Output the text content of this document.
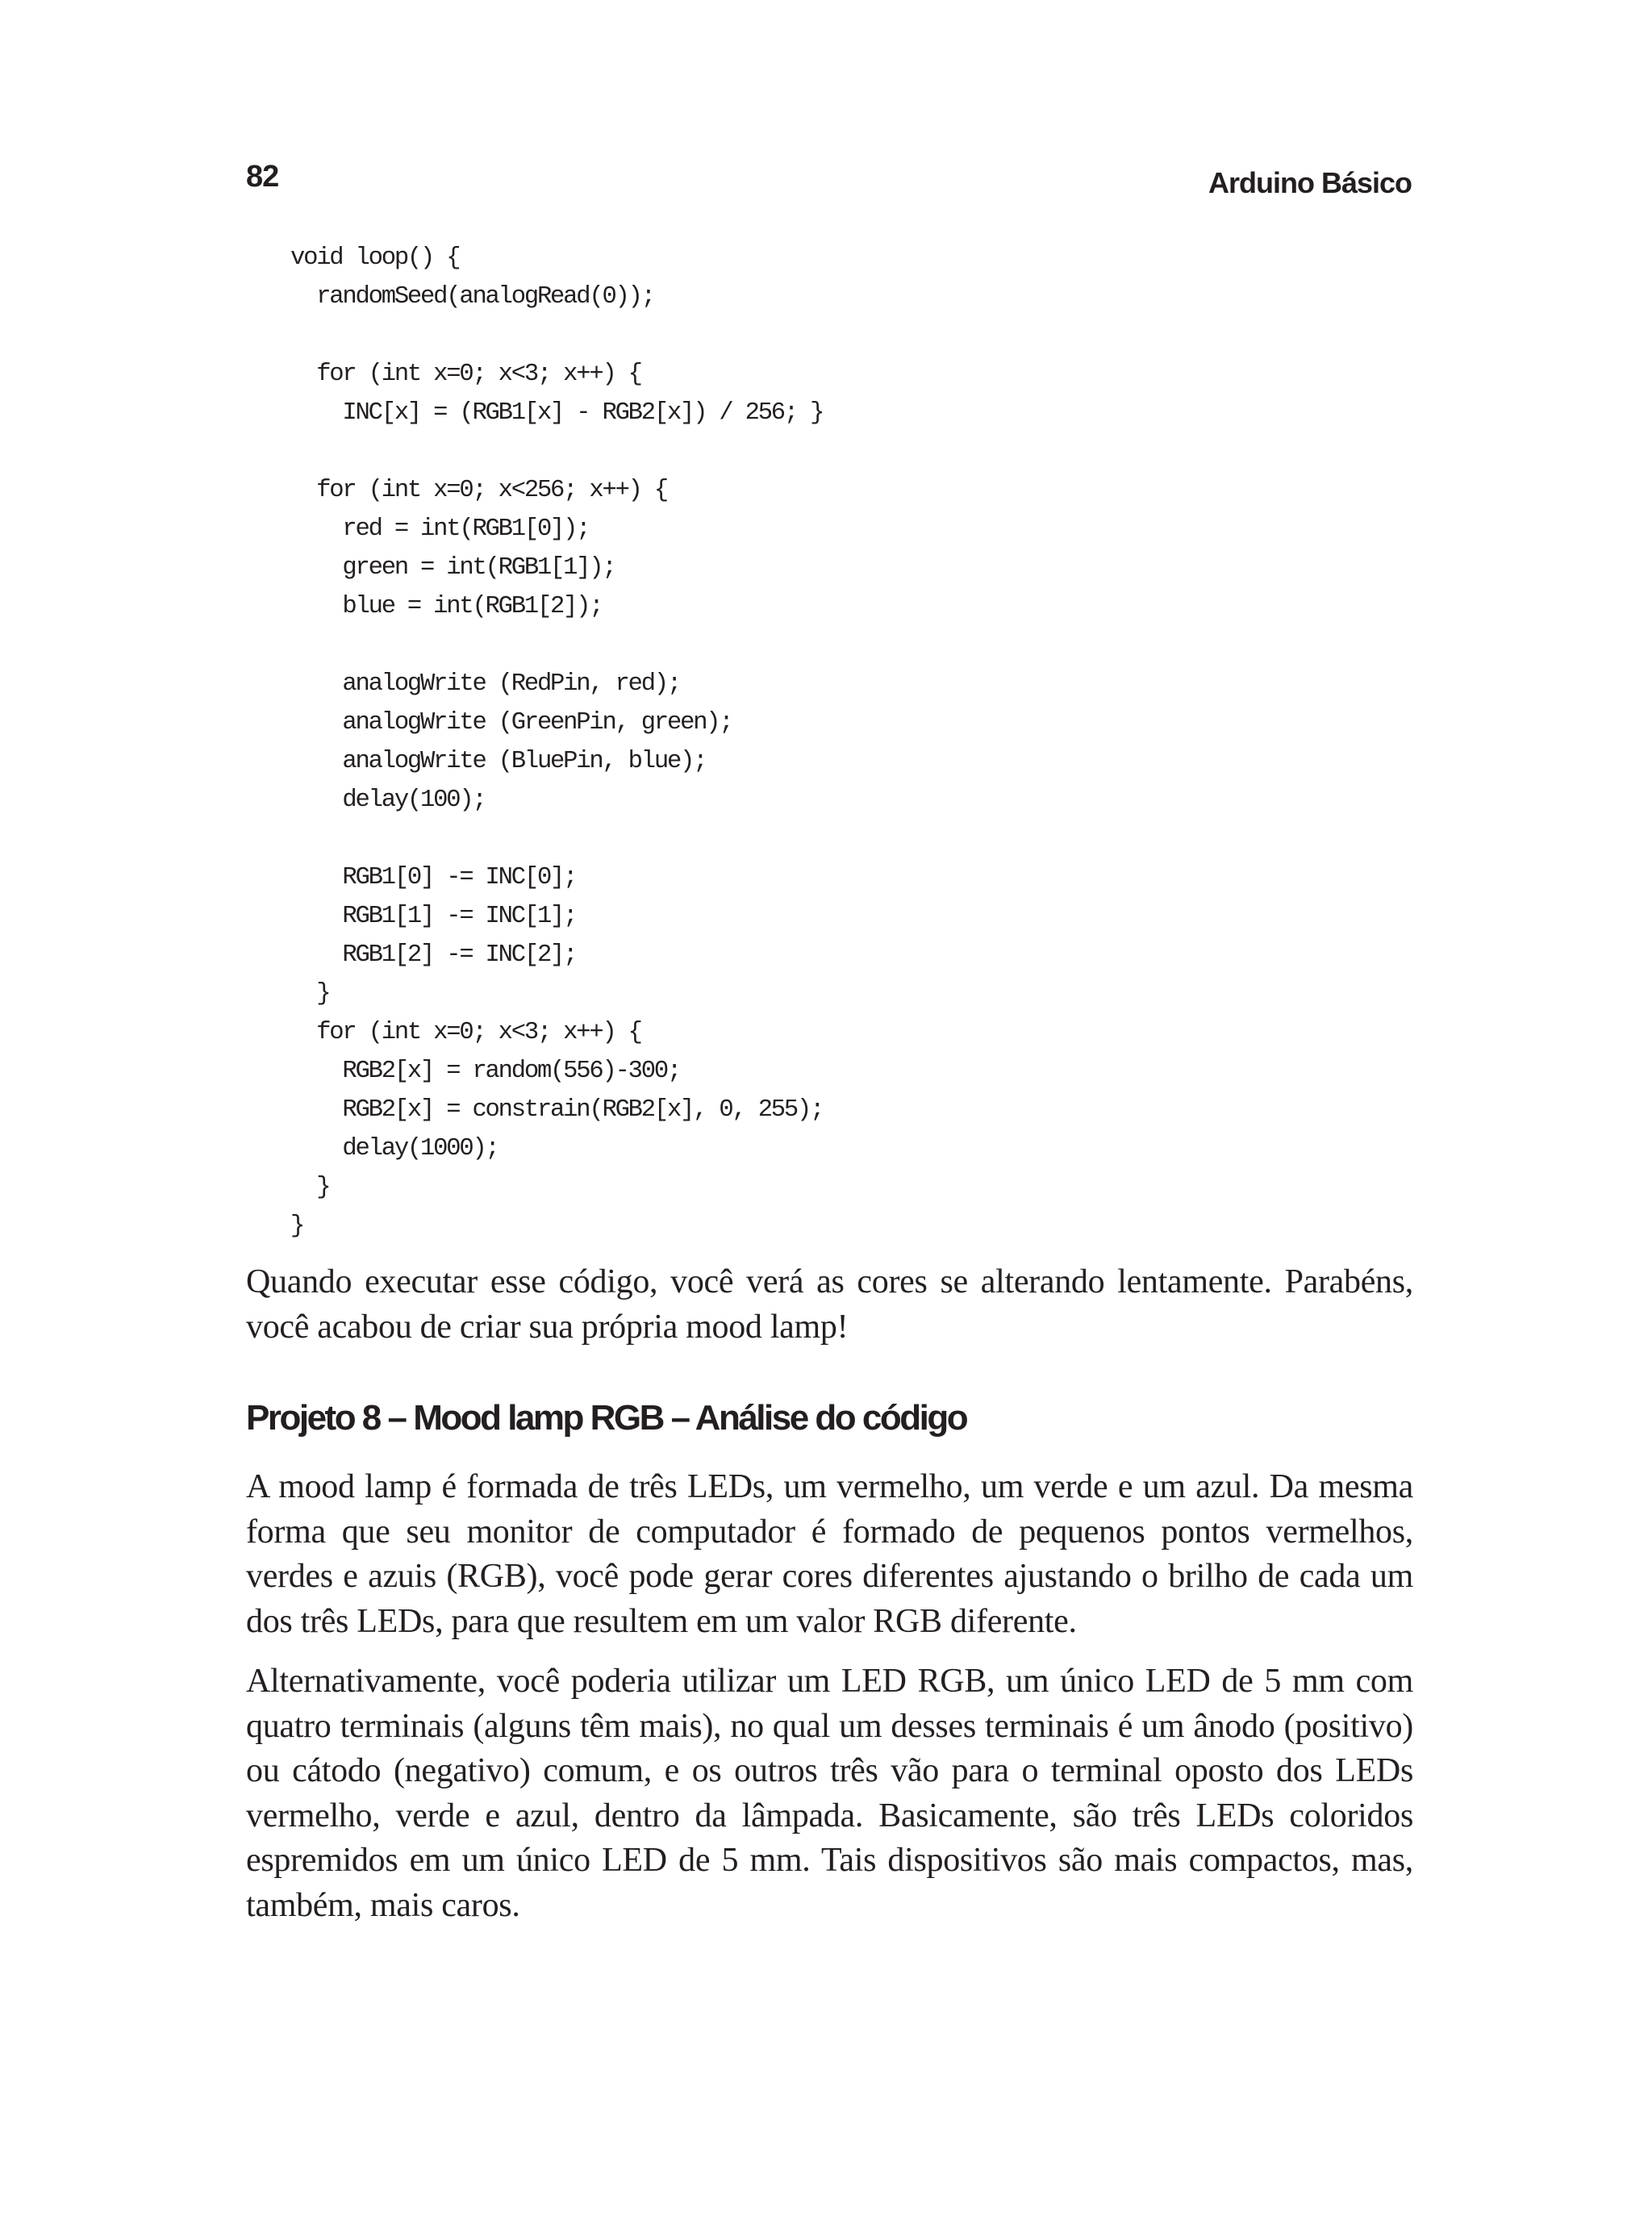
82	Arduino Básico
void loop() {
randomSeed(analogRead(0));
for (int x=0; x<3; x++) {
INC[x] = (RGB1[x] - RGB2[x]) / 256; }
for (int x=0; x<256; x++) {
red = int(RGB1[0]);
green = int(RGB1[1]);
blue = int(RGB1[2]);
analogWrite (RedPin, red);
analogWrite (GreenPin, green);
analogWrite (BluePin, blue);
delay(100);
RGB1[0] -= INC[0];
RGB1[1] -= INC[1];
RGB1[2] -= INC[2];
}
for (int x=0; x<3; x++) {
RGB2[x] = random(556)-300;
RGB2[x] = constrain(RGB2[x], 0, 255);
delay(1000);
}
}

Quando executar esse código, você verá as cores se alterando lentamente. Parabéns, você acabou de criar sua própria mood lamp!

Projeto 8 – Mood lamp RGB – Análise do código

A mood lamp é formada de três LEDs, um vermelho, um verde e um azul. Da mesma forma que seu monitor de computador é formado de pequenos pontos vermelhos, verdes e azuis (RGB), você pode gerar cores diferentes ajustando o brilho de cada um dos três LEDs, para que resultem em um valor RGB diferente.

Alternativamente, você poderia utilizar um LED RGB, um único LED de 5 mm com quatro terminais (alguns têm mais), no qual um desses terminais é um ânodo (positivo) ou cátodo (negativo) comum, e os outros três vão para o terminal oposto dos LEDs vermelho, verde e azul, dentro da lâmpada. Basicamente, são três LEDs coloridos espremidos em um único LED de 5 mm. Tais dispositivos são mais compactos, mas, também, mais caros.
